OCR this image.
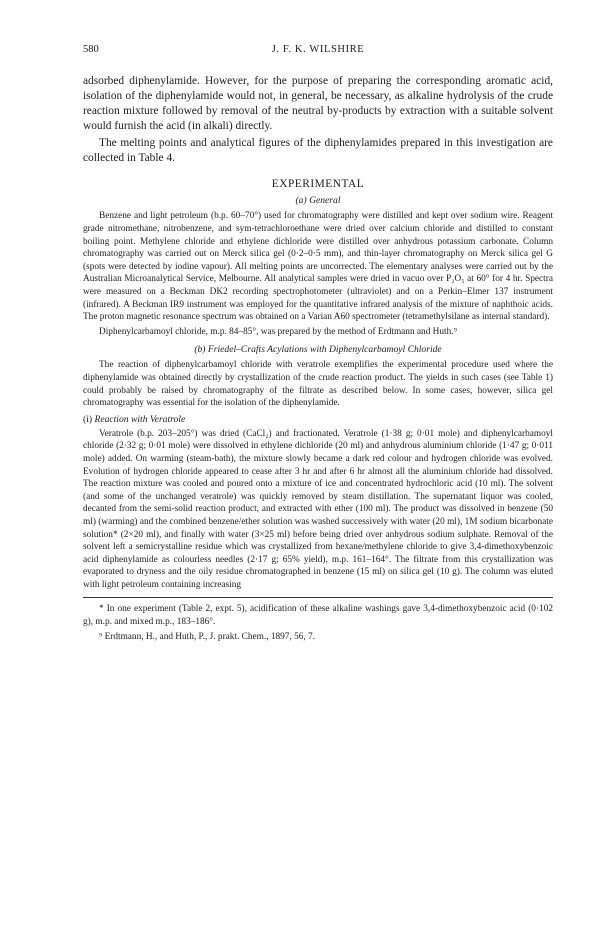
580	J. F. K. WILSHIRE

adsorbed diphenylamide. However, for the purpose of preparing the corresponding aromatic acid, isolation of the diphenylamide would not, in general, be necessary, as alkaline hydrolysis of the crude reaction mixture followed by removal of the neutral by-products by extraction with a suitable solvent would furnish the acid (in alkali) directly.

The melting points and analytical figures of the diphenylamides prepared in this investigation are collected in Table 4.

EXPERIMENTAL
(a) General

Benzene and light petroleum (b.p. 60–70°) used for chromatography were distilled and kept over sodium wire. Reagent grade nitromethane, nitrobenzene, and sym-tetrachloroethane were dried over calcium chloride and distilled to constant boiling point. Methylene chloride and ethylene dichloride were distilled over anhydrous potassium carbonate. Column chromatography was carried out on Merck silica gel (0·2–0·5 mm), and thin-layer chromatography on Merck silica gel G (spots were detected by iodine vapour). All melting points are uncorrected. The elementary analyses were carried out by the Australian Microanalytical Service, Melbourne. All analytical samples were dried in vacuo over P₂O₅ at 60° for 4 hr. Spectra were measured on a Beckman DK2 recording spectrophotometer (ultraviolet) and on a Perkin–Elmer 137 instrument (infrared). A Beckman IR9 instrument was employed for the quantitative infrared analysis of the mixture of naphthoic acids. The proton magnetic resonance spectrum was obtained on a Varian A60 spectrometer (tetramethylsilane as internal standard).

Diphenylcarbamoyl chloride, m.p. 84–85°, was prepared by the method of Erdtmann and Huth.⁹

(b) Friedel–Crafts Acylations with Diphenylcarbamoyl Chloride

The reaction of diphenylcarbamoyl chloride with veratrole exemplifies the experimental procedure used where the diphenylamide was obtained directly by crystallization of the crude reaction product. The yields in such cases (see Table 1) could probably be raised by chromatography of the filtrate as described below. In some cases, however, silica gel chromatography was essential for the isolation of the diphenylamide.

(i) Reaction with Veratrole

Veratrole (b.p. 203–205°) was dried (CaCl₂) and fractionated. Veratrole (1·38 g; 0·01 mole) and diphenylcarbamoyl chloride (2·32 g; 0·01 mole) were dissolved in ethylene dichloride (20 ml) and anhydrous aluminium chloride (1·47 g; 0·011 mole) added. On warming (steam-bath), the mixture slowly became a dark red colour and hydrogen chloride was evolved. Evolution of hydrogen chloride appeared to cease after 3 hr and after 6 hr almost all the aluminium chloride had dissolved. The reaction mixture was cooled and poured onto a mixture of ice and concentrated hydrochloric acid (10 ml). The solvent (and some of the unchanged veratrole) was quickly removed by steam distillation. The supernatant liquor was cooled, decanted from the semi-solid reaction product, and extracted with ether (100 ml). The product was dissolved in benzene (50 ml) (warming) and the combined benzene/ether solution was washed successively with water (20 ml), 1M sodium bicarbonate solution* (2×20 ml), and finally with water (3×25 ml) before being dried over anhydrous sodium sulphate. Removal of the solvent left a semicrystalline residue which was crystallized from hexane/methylene chloride to give 3,4-dimethoxybenzoic acid diphenylamide as colourless needles (2·17 g; 65% yield), m.p. 161–164°. The filtrate from this crystallization was evaporated to dryness and the oily residue chromatographed in benzene (15 ml) on silica gel (10 g). The column was eluted with light petroleum containing increasing

* In one experiment (Table 2, expt. 5), acidification of these alkaline washings gave 3,4-dimethoxybenzoic acid (0·102 g), m.p. and mixed m.p., 183–186°.

⁹ Erdtmann, H., and Huth, P., J. prakt. Chem., 1897, 56, 7.
